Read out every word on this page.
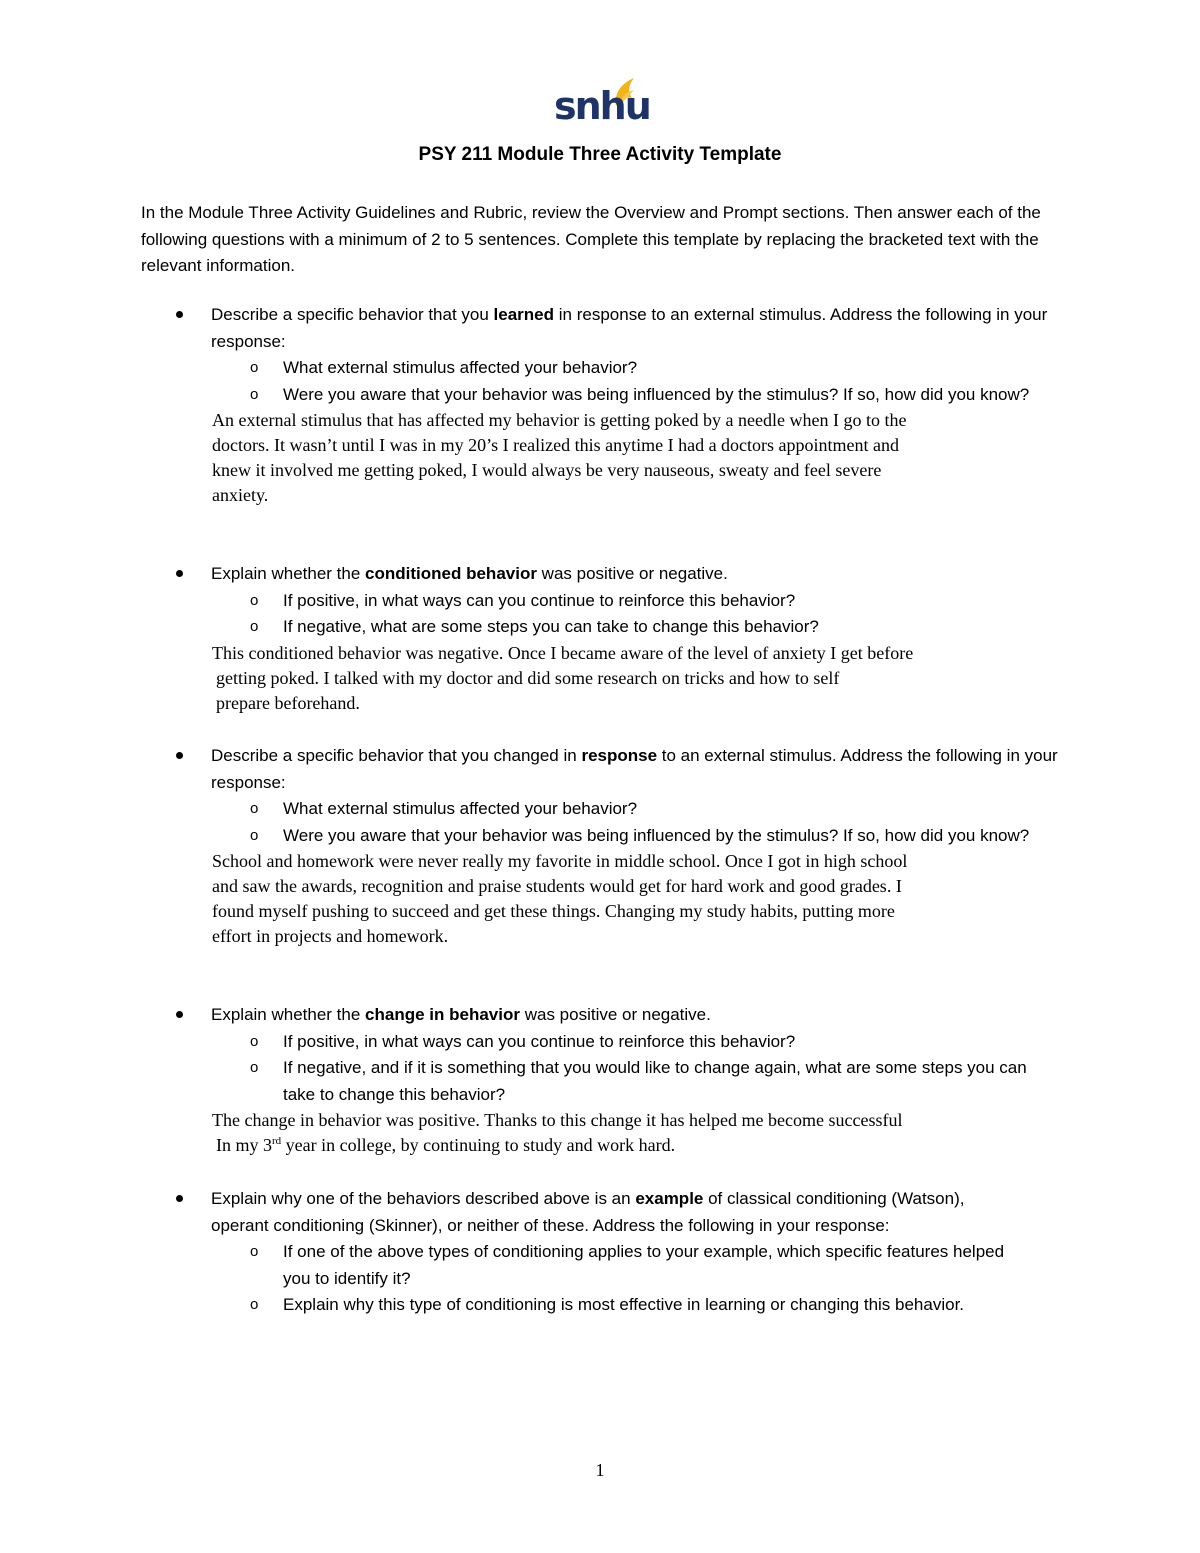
snhu
PSY 211 Module Three Activity Template
In the Module Three Activity Guidelines and Rubric, review the Overview and Prompt sections. Then answer each of the following questions with a minimum of 2 to 5 sentences. Complete this template by replacing the bracketed text with the relevant information.
Describe a specific behavior that you learned in response to an external stimulus. Address the following in your response:
o What external stimulus affected your behavior?
o Were you aware that your behavior was being influenced by the stimulus? If so, how did you know?
An external stimulus that has affected my behavior is getting poked by a needle when I go to the
doctors. It wasn’t until I was in my 20’s I realized this anytime I had a doctors appointment and
knew it involved me getting poked, I would always be very nauseous, sweaty and feel severe
anxiety.
Explain whether the conditioned behavior was positive or negative.
o If positive, in what ways can you continue to reinforce this behavior?
o If negative, what are some steps you can take to change this behavior?
This conditioned behavior was negative. Once I became aware of the level of anxiety I get before
getting poked. I talked with my doctor and did some research on tricks and how to self
prepare beforehand.
Describe a specific behavior that you changed in response to an external stimulus. Address the following in your response:
o What external stimulus affected your behavior?
o Were you aware that your behavior was being influenced by the stimulus? If so, how did you know?
School and homework were never really my favorite in middle school. Once I got in high school
and saw the awards, recognition and praise students would get for hard work and good grades. I
found myself pushing to succeed and get these things. Changing my study habits, putting more
effort in projects and homework.
Explain whether the change in behavior was positive or negative.
o If positive, in what ways can you continue to reinforce this behavior?
o If negative, and if it is something that you would like to change again, what are some steps you can take to change this behavior?
The change in behavior was positive. Thanks to this change it has helped me become successful
In my 3rd year in college, by continuing to study and work hard.
Explain why one of the behaviors described above is an example of classical conditioning (Watson), operant conditioning (Skinner), or neither of these. Address the following in your response:
o If one of the above types of conditioning applies to your example, which specific features helped you to identify it?
o Explain why this type of conditioning is most effective in learning or changing this behavior.
1
